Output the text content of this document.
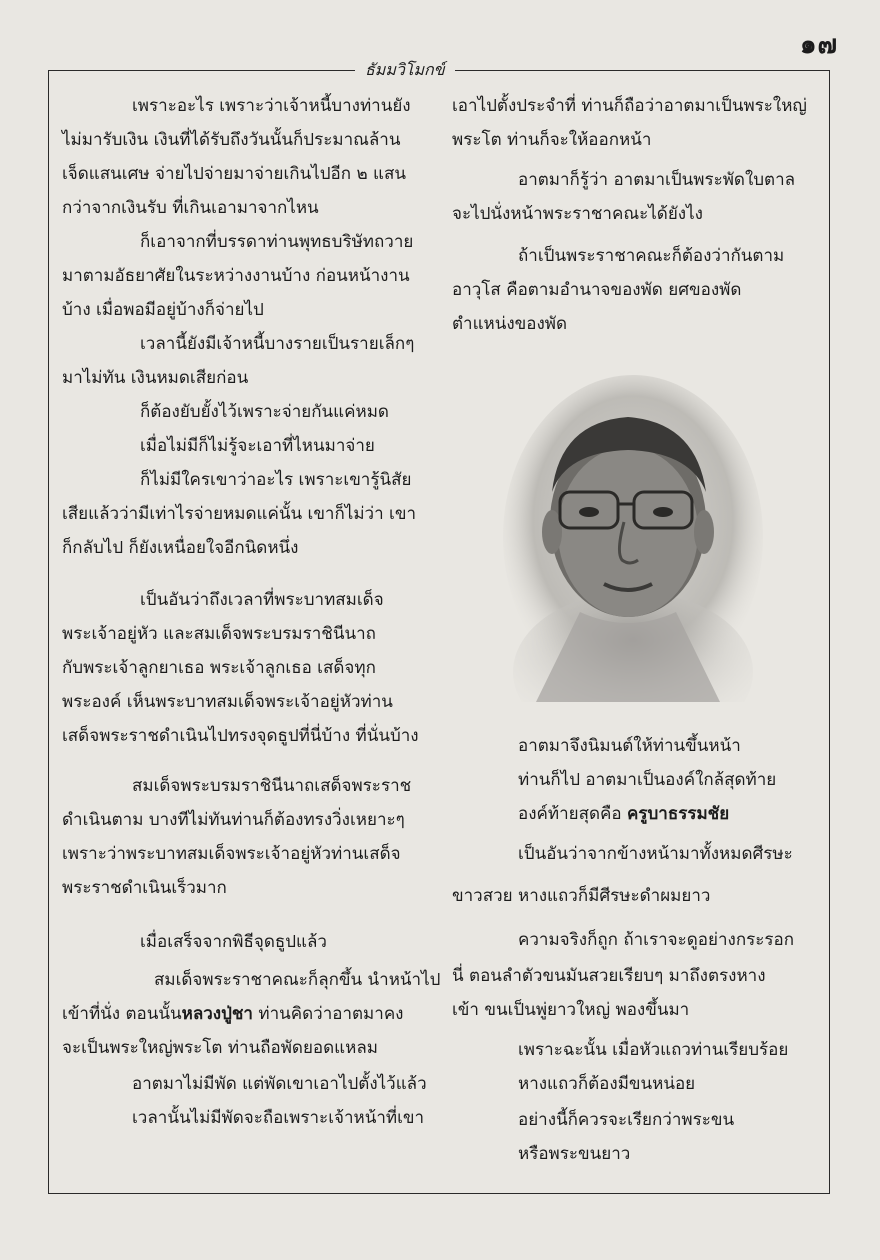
๑๗
ธัมมวิโมกข์

เพราะอะไร เพราะว่าเจ้าหนี้บางท่านยัง

ไม่มารับเงิน เงินที่ได้รับถึงวันนั้นก็ประมาณล้าน

เจ็ดแสนเศษ จ่ายไปจ่ายมาจ่ายเกินไปอีก ๒ แสน

กว่าจากเงินรับ ที่เกินเอามาจากไหน

ก็เอาจากที่บรรดาท่านพุทธบริษัทถวาย

มาตามอัธยาศัยในระหว่างงานบ้าง ก่อนหน้างาน

บ้าง เมื่อพอมีอยู่บ้างก็จ่ายไป

เวลานี้ยังมีเจ้าหนี้บางรายเป็นรายเล็กๆ

มาไม่ทัน เงินหมดเสียก่อน

ก็ต้องยับยั้งไว้เพราะจ่ายกันแค่หมด

เมื่อไม่มีก็ไม่รู้จะเอาที่ไหนมาจ่าย

ก็ไม่มีใครเขาว่าอะไร เพราะเขารู้นิสัย

เสียแล้วว่ามีเท่าไรจ่ายหมดแค่นั้น เขาก็ไม่ว่า เขา

ก็กลับไป ก็ยังเหนื่อยใจอีกนิดหนึ่ง

เป็นอันว่าถึงเวลาที่พระบาทสมเด็จ

พระเจ้าอยู่หัว และสมเด็จพระบรมราชินีนาถ

กับพระเจ้าลูกยาเธอ พระเจ้าลูกเธอ เสด็จทุก

พระองค์ เห็นพระบาทสมเด็จพระเจ้าอยู่หัวท่าน

เสด็จพระราชดำเนินไปทรงจุดธูปที่นี่บ้าง ที่นั่นบ้าง

สมเด็จพระบรมราชินีนาถเสด็จพระราช

ดำเนินตาม บางทีไม่ทันท่านก็ต้องทรงวิ่งเหยาะๆ

เพราะว่าพระบาทสมเด็จพระเจ้าอยู่หัวท่านเสด็จ

พระราชดำเนินเร็วมาก

เมื่อเสร็จจากพิธีจุดธูปแล้ว

สมเด็จพระราชาคณะก็ลุกขึ้น นำหน้าไป

เข้าที่นั่ง ตอนนั้นหลวงปู่ชา ท่านคิดว่าอาตมาคง

จะเป็นพระใหญ่พระโต ท่านถือพัดยอดแหลม

อาตมาไม่มีพัด แต่พัดเขาเอาไปตั้งไว้แล้ว

เวลานั้นไม่มีพัดจะถือเพราะเจ้าหน้าที่เขา

เอาไปตั้งประจำที่ ท่านก็ถือว่าอาตมาเป็นพระใหญ่

พระโต ท่านก็จะให้ออกหน้า

อาตมาก็รู้ว่า อาตมาเป็นพระพัดใบตาล

จะไปนั่งหน้าพระราชาคณะได้ยังไง

ถ้าเป็นพระราชาคณะก็ต้องว่ากันตาม

อาวุโส คือตามอำนาจของพัด ยศของพัด

ตำแหน่งของพัด

อาตมาจึงนิมนต์ให้ท่านขึ้นหน้า

ท่านก็ไป อาตมาเป็นองค์ใกล้สุดท้าย

องค์ท้ายสุดคือ ครูบาธรรมชัย

เป็นอันว่าจากข้างหน้ามาทั้งหมดศีรษะ

ขาวสวย หางแถวก็มีศีรษะดำผมยาว

ความจริงก็ถูก ถ้าเราจะดูอย่างกระรอก

นี่ ตอนลำตัวขนมันสวยเรียบๆ มาถึงตรงหาง

เข้า ขนเป็นพู่ยาวใหญ่ พองขึ้นมา

เพราะฉะนั้น เมื่อหัวแถวท่านเรียบร้อย

หางแถวก็ต้องมีขนหน่อย

อย่างนี้ก็ควรจะเรียกว่าพระขน

หรือพระขนยาว
